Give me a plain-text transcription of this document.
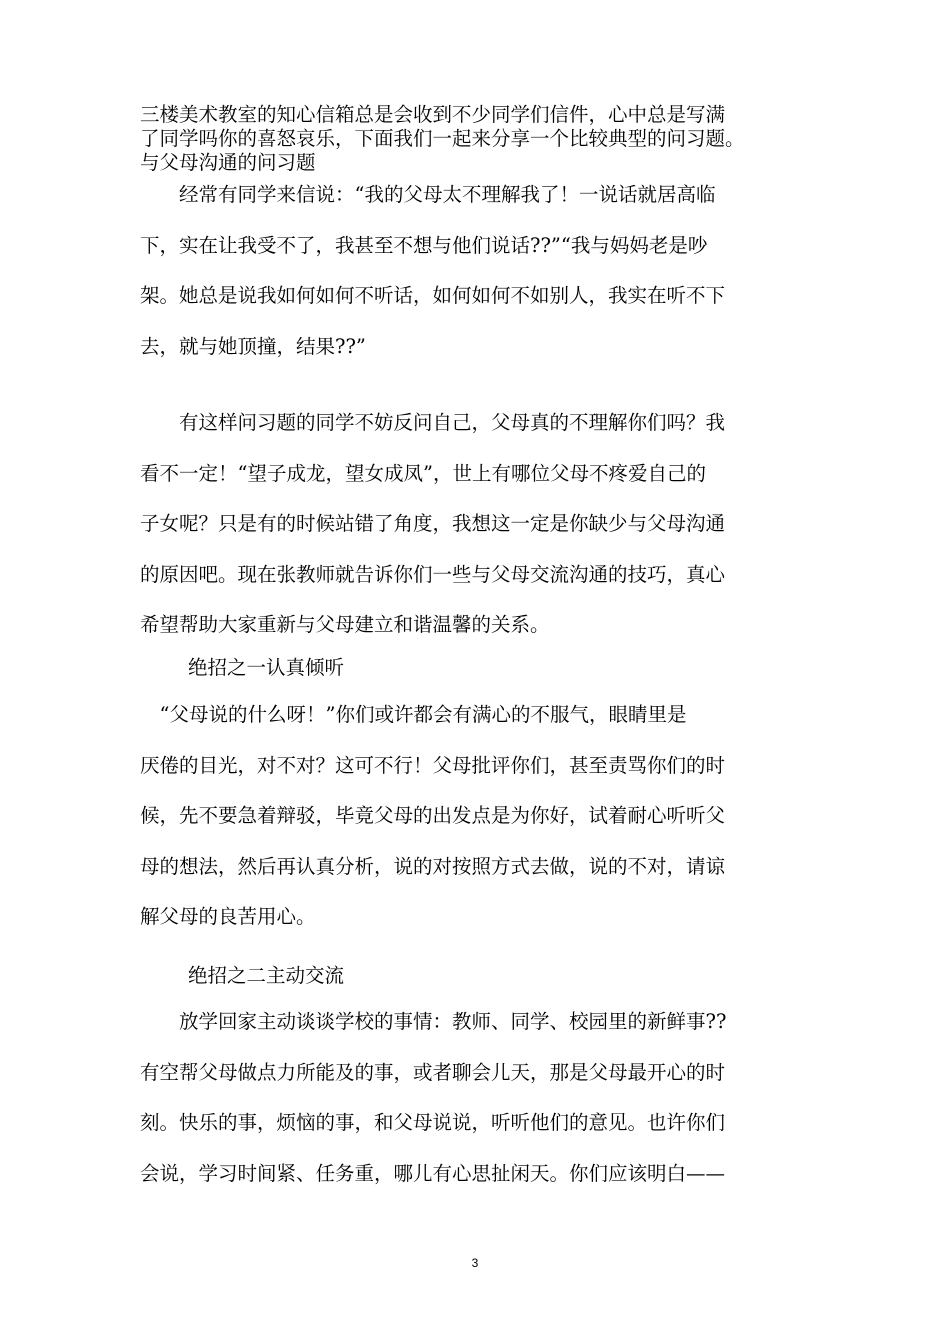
三楼美术教室的知心信箱总是会收到不少同学们信件，心中总是写满
了同学吗你的喜怒哀乐，下面我们一起来分享一个比较典型的问习题。
与父母沟通的问习题
　　经常有同学来信说：“我的父母太不理解我了！一说话就居高临
下，实在让我受不了，我甚至不想与他们说话??”“我与妈妈老是吵
架。她总是说我如何如何不听话，如何如何不如别人，我实在听不下
去，就与她顶撞，结果??”
　　有这样问习题的同学不妨反问自己，父母真的不理解你们吗？我
看不一定！“望子成龙，望女成凤”，世上有哪位父母不疼爱自己的
子女呢？只是有的时候站错了角度，我想这一定是你缺少与父母沟通
的原因吧。现在张教师就告诉你们一些与父母交流沟通的技巧，真心
希望帮助大家重新与父母建立和谐温馨的关系。
绝招之一认真倾听
　“父母说的什么呀！”你们或许都会有满心的不服气，眼睛里是
厌倦的目光，对不对？这可不行！父母批评你们，甚至责骂你们的时
候，先不要急着辩驳，毕竟父母的出发点是为你好，试着耐心听听父
母的想法，然后再认真分析，说的对按照方式去做，说的不对，请谅
解父母的良苦用心。
绝招之二主动交流
　　放学回家主动谈谈学校的事情：教师、同学、校园里的新鲜事??
有空帮父母做点力所能及的事，或者聊会儿天，那是父母最开心的时
刻。快乐的事，烦恼的事，和父母说说，听听他们的意见。也许你们
会说，学习时间紧、任务重，哪儿有心思扯闲天。你们应该明白——
3
